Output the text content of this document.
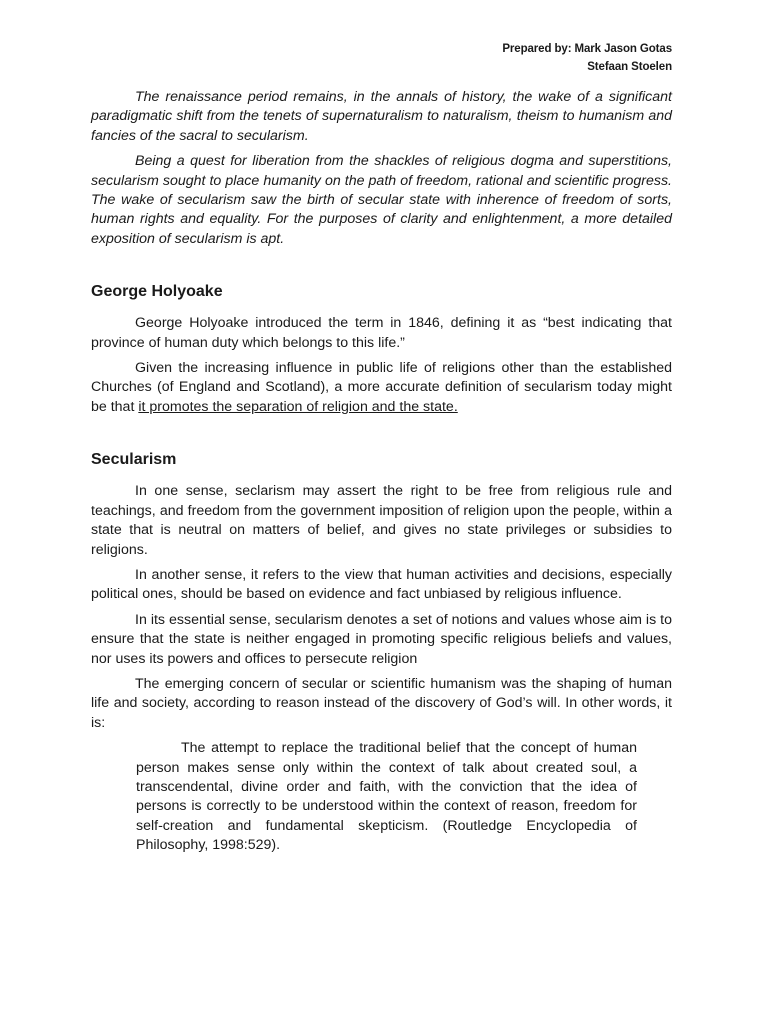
Prepared by: Mark Jason Gotas
Stefaan Stoelen

The renaissance period remains, in the annals of history, the wake of a significant paradigmatic shift from the tenets of supernaturalism to naturalism, theism to humanism and fancies of the sacral to secularism.

Being a quest for liberation from the shackles of religious dogma and superstitions, secularism sought to place humanity on the path of freedom, rational and scientific progress. The wake of secularism saw the birth of secular state with inherence of freedom of sorts, human rights and equality. For the purposes of clarity and enlightenment, a more detailed exposition of secularism is apt.

George Holyoake

George Holyoake introduced the term in 1846, defining it as “best indicating that province of human duty which belongs to this life.”

Given the increasing influence in public life of religions other than the established Churches (of England and Scotland), a more accurate definition of secularism today might be that it promotes the separation of religion and the state.

Secularism

In one sense, seclarism may assert the right to be free from religious rule and teachings, and freedom from the government imposition of religion upon the people, within a state that is neutral on matters of belief, and gives no state privileges or subsidies to religions.

In another sense, it refers to the view that human activities and decisions, especially political ones, should be based on evidence and fact unbiased by religious influence.

In its essential sense, secularism denotes a set of notions and values whose aim is to ensure that the state is neither engaged in promoting specific religious beliefs and values, nor uses its powers and offices to persecute religion

The emerging concern of secular or scientific humanism was the shaping of human life and society, according to reason instead of the discovery of God’s will. In other words, it is:

The attempt to replace the traditional belief that the concept of human person makes sense only within the context of talk about created soul, a transcendental, divine order and faith, with the conviction that the idea of persons is correctly to be understood within the context of reason, freedom for self-creation and fundamental skepticism. (Routledge Encyclopedia of Philosophy, 1998:529).
